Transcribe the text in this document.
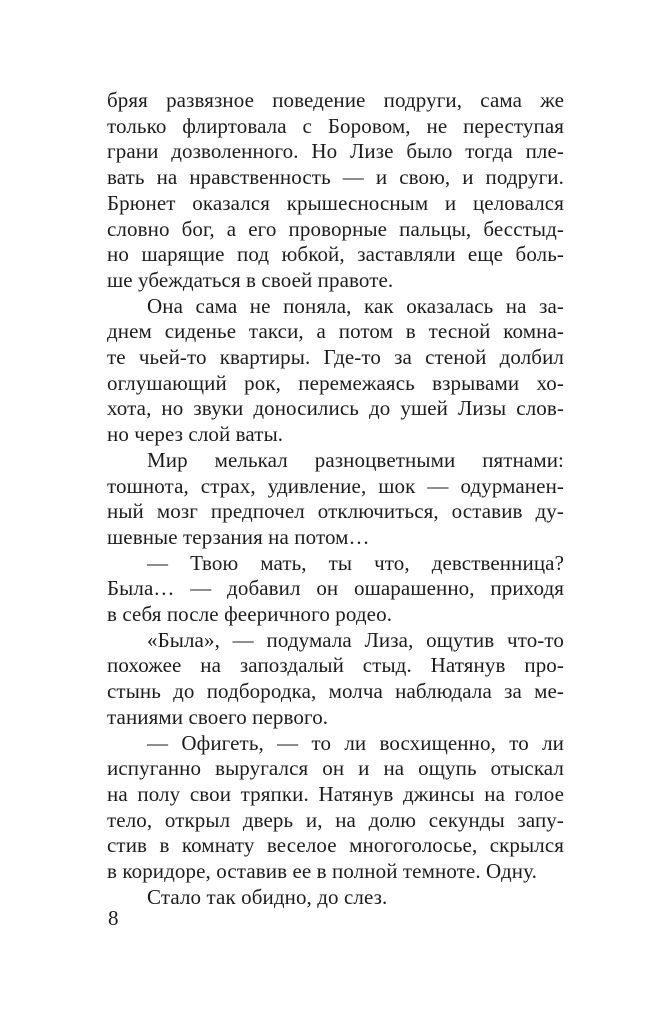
бряя развязное поведение подруги, сама же
только флиртовала с Боровом, не переступая
грани дозволенного. Но Лизе было тогда пле-
вать на нравственность — и свою, и подруги.
Брюнет оказался крышесносным и целовался
словно бог, а его проворные пальцы, бесстыд-
но шарящие под юбкой, заставляли еще боль-
ше убеждаться в своей правоте.
Она сама не поняла, как оказалась на за-
днем сиденье такси, а потом в тесной комна-
те чьей-то квартиры. Где-то за стеной долбил
оглушающий рок, перемежаясь взрывами хо-
хота, но звуки доносились до ушей Лизы слов-
но через слой ваты.
Мир мелькал разноцветными пятнами:
тошнота, страх, удивление, шок — одурманен-
ный мозг предпочел отключиться, оставив ду-
шевные терзания на потом…
— Твою мать, ты что, девственница?
Была… — добавил он ошарашенно, приходя
в себя после фееричного родео.
«Была», — подумала Лиза, ощутив что-то
похожее на запоздалый стыд. Натянув про-
стынь до подбородка, молча наблюдала за ме-
таниями своего первого.
— Офигеть, — то ли восхищенно, то ли
испуганно выругался он и на ощупь отыскал
на полу свои тряпки. Натянув джинсы на голое
тело, открыл дверь и, на долю секунды запу-
стив в комнату веселое многоголосье, скрылся
в коридоре, оставив ее в полной темноте. Одну.
Стало так обидно, до слез.
8
